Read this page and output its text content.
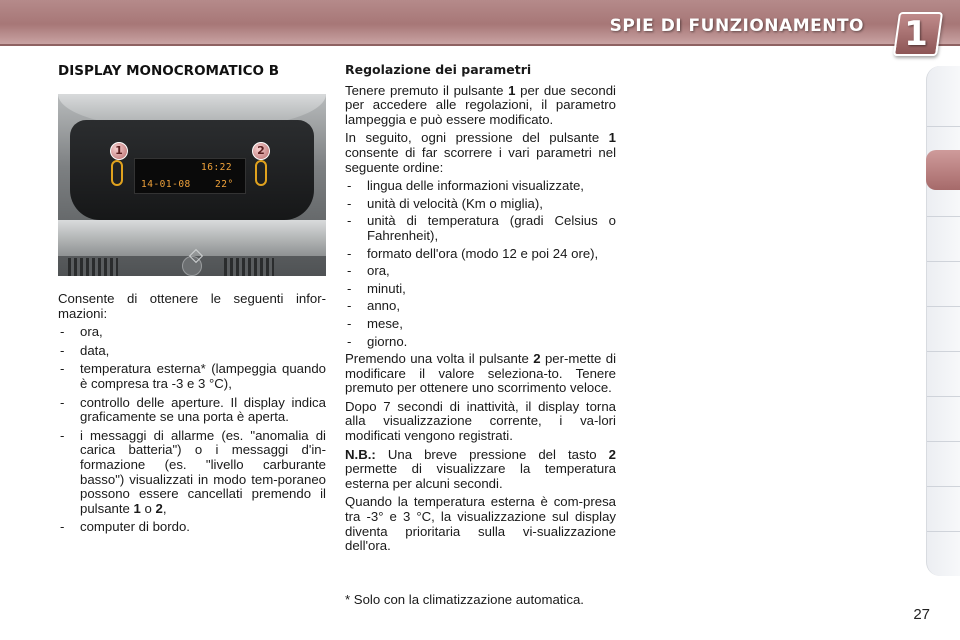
SPIE DI FUNZIONAMENTO 1
DISPLAY MONOCROMATICO B
16:22
14-01-08	22°
1	2

Consente di ottenere le seguenti infor-mazioni:

- ora,
- data,
- temperatura esterna* (lampeggia quando è compresa tra -3 e 3 °C),
- controllo delle aperture. Il display indica graficamente se una porta è aperta.
- i messaggi di allarme (es. "anomalia di carica batteria") o i messaggi d'in-formazione (es. "livello carburante basso") visualizzati in modo tem-poraneo possono essere cancellati premendo il pulsante 1 o 2,
- computer di bordo.

Regolazione dei parametri

Tenere premuto il pulsante 1 per due secondi per accedere alle regolazioni, il parametro lampeggia e può essere modificato.

In seguito, ogni pressione del pulsante 1 consente di far scorrere i vari parametri nel seguente ordine:

- lingua delle informazioni visualizzate,
- unità di velocità (Km o miglia),
- unità di temperatura (gradi Celsius o Fahrenheit),
- formato dell'ora (modo 12 e poi 24 ore),
- ora,
- minuti,
- anno,
- mese,
- giorno.

Premendo una volta il pulsante 2 per-mette di modificare il valore seleziona-to. Tenere premuto per ottenere uno scorrimento veloce.

Dopo 7 secondi di inattività, il display torna alla visualizzazione corrente, i va-lori modificati vengono registrati.

N.B.: Una breve pressione del tasto 2 permette di visualizzare la temperatura esterna per alcuni secondi.

Quando la temperatura esterna è com-presa tra -3° e 3 °C, la visualizzazione sul display diventa prioritaria sulla vi-sualizzazione dell'ora.

* Solo con la climatizzazione automatica.
27
